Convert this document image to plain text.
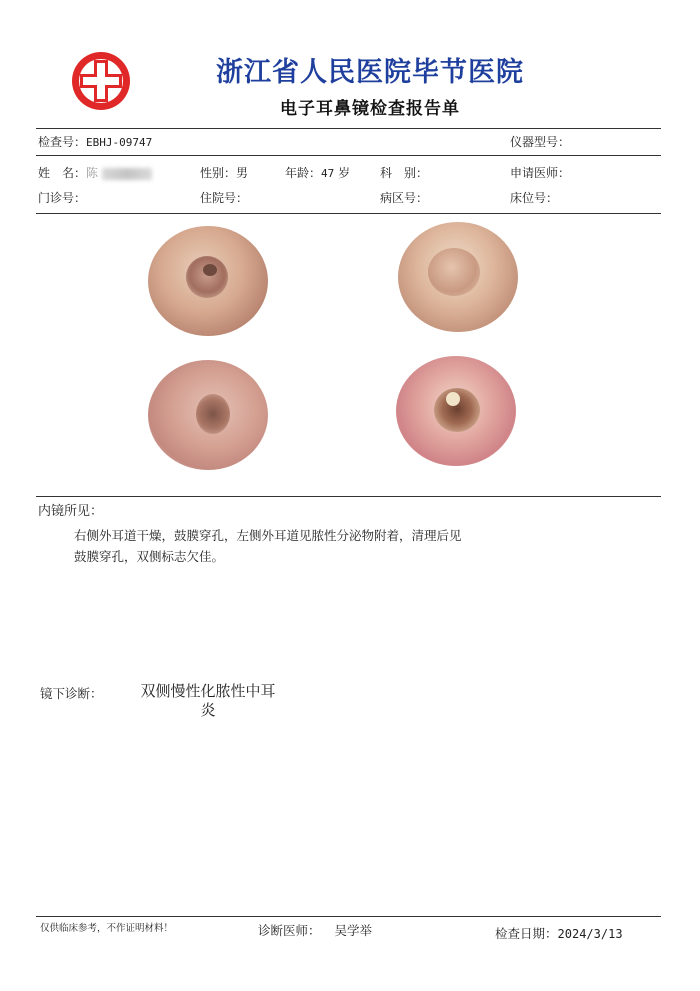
浙江省人民医院毕节医院
电子耳鼻镜检查报告单
检查号：EBHJ-09747	仪器型号：
姓　名：陈	性别：男	年龄：47 岁 科　别：	申请医师：
门诊号：	住院号：	病区号：	床位号：
内镜所见：
右侧外耳道干燥，鼓膜穿孔，左侧外耳道见脓性分泌物附着，清理后见
鼓膜穿孔，双侧标志欠佳。
镜下诊断：	双侧慢性化脓性中耳
炎
仅供临床参考，不作证明材料！	诊断医师： 吴学举	检查日期：2024/3/13
